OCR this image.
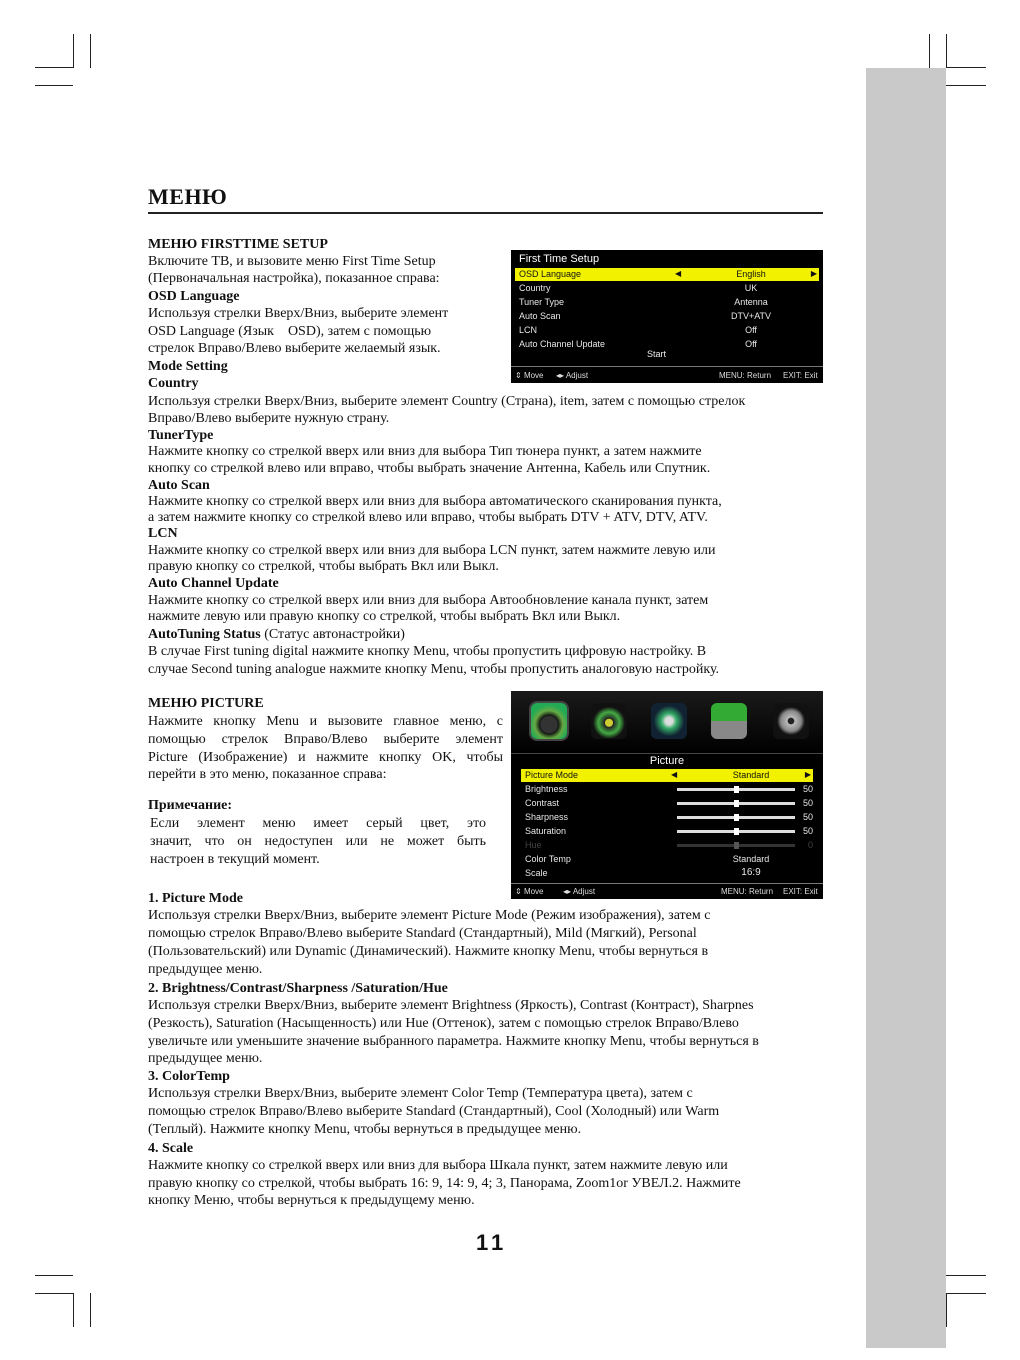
МЕНЮ
МЕНЮ FIRSTTIME SETUP
Включите ТВ, и вызовите меню First Time Setup
(Первоначальная настройка), показанное справа:
OSD Language
Используя стрелки Вверх/Вниз, выберите элемент
OSD Language (Язык    OSD), затем с помощью
стрелок Вправо/Влево выберите желаемый язык.
Mode Setting
Country
Используя стрелки Вверх/Вниз, выберите элемент Country (Страна), item, затем с помощью стрелок
Вправо/Влево выберите нужную страну.
TunerType
Нажмите кнопку со стрелкой вверх или вниз для выбора Тип тюнера пункт, а затем нажмите
кнопку со стрелкой влево или вправо, чтобы выбрать значение Антенна, Кабель или Спутник.
Auto Scan
Нажмите кнопку со стрелкой вверх или вниз для выбора автоматического сканирования пункта,
а затем нажмите кнопку со стрелкой влево или вправо, чтобы выбрать DTV + ATV, DTV, ATV.
LCN
Нажмите кнопку со стрелкой вверх или вниз для выбора LCN пункт, затем нажмите левую или
правую кнопку со стрелкой, чтобы выбрать Вкл или Выкл.
Auto Channel Update
Нажмите кнопку со стрелкой вверх или вниз для выбора Автообновление канала пункт, затем
нажмите левую или правую кнопку со стрелкой, чтобы выбрать Вкл или Выкл.
AutoTuning Status (Статус автонастройки)
В случае First tuning digital нажмите кнопку Menu, чтобы пропустить цифровую настройку. В
случае Second tuning analogue нажмите кнопку Menu, чтобы пропустить аналоговую настройку.
First Time Setup
OSD Language	◀	English	▶
Country	UK
Tuner Type	Antenna
Auto Scan	DTV+ATV
LCN	Off
Auto Channel Update	Off
Start
⇕ Move ◂▸ Adjust	MENU: Return EXIT: Exit
МЕНЮ PICTURE
Нажмите кнопку Menu и вызовите главное меню, с
помощью стрелок Вправо/Влево выберите элемент
Picture (Изображение) и нажмите кнопку OK, чтобы
перейти в это меню, показанное справа:
Примечание:
Если элемент меню имеет серый цвет, это
значит, что он недоступен или не может быть
настроен в текущий момент.
1. Picture Mode
Используя стрелки Вверх/Вниз, выберите элемент Picture Mode (Режим изображения), затем с
помощью стрелок Вправо/Влево выберите Standard (Стандартный), Mild (Мягкий), Personal
(Пользовательский) или Dynamic (Динамический). Нажмите кнопку Menu, чтобы вернуться в
предыдущее меню.
2. Brightness/Contrast/Sharpness /Saturation/Hue
Используя стрелки Вверх/Вниз, выберите элемент Brightness (Яркость), Contrast (Контраст), Sharpnes
(Резкость), Saturation (Насыщенность) или Hue (Оттенок), затем с помощью стрелок Вправо/Влево
увеличьте или уменьшите значение выбранного параметра. Нажмите кнопку Menu, чтобы вернуться в
предыдущее меню.
3. ColorTemp
Используя стрелки Вверх/Вниз, выберите элемент Color Temp (Температура цвета), затем с
помощью стрелок Вправо/Влево выберите Standard (Стандартный), Cool (Холодный) или Warm
(Теплый). Нажмите кнопку Menu, чтобы вернуться в предыдущее меню.
4. Scale
Нажмите кнопку со стрелкой вверх или вниз для выбора Шкала пункт, затем нажмите левую или
правую кнопку со стрелкой, чтобы выбрать 16: 9, 14: 9, 4; 3, Панорама, Zoom1or УВЕЛ.2. Нажмите
кнопку Меню, чтобы вернуться к предыдущему меню.
Picture
Picture Mode	◀	Standard	▶
Brightness	50
Contrast	50
Sharpness	50
Saturation	50
Hue	0
Color Temp	Standard
Scale	16:9
⇕ Move ◂▸ Adjust	MENU: Return EXIT: Exit
11
